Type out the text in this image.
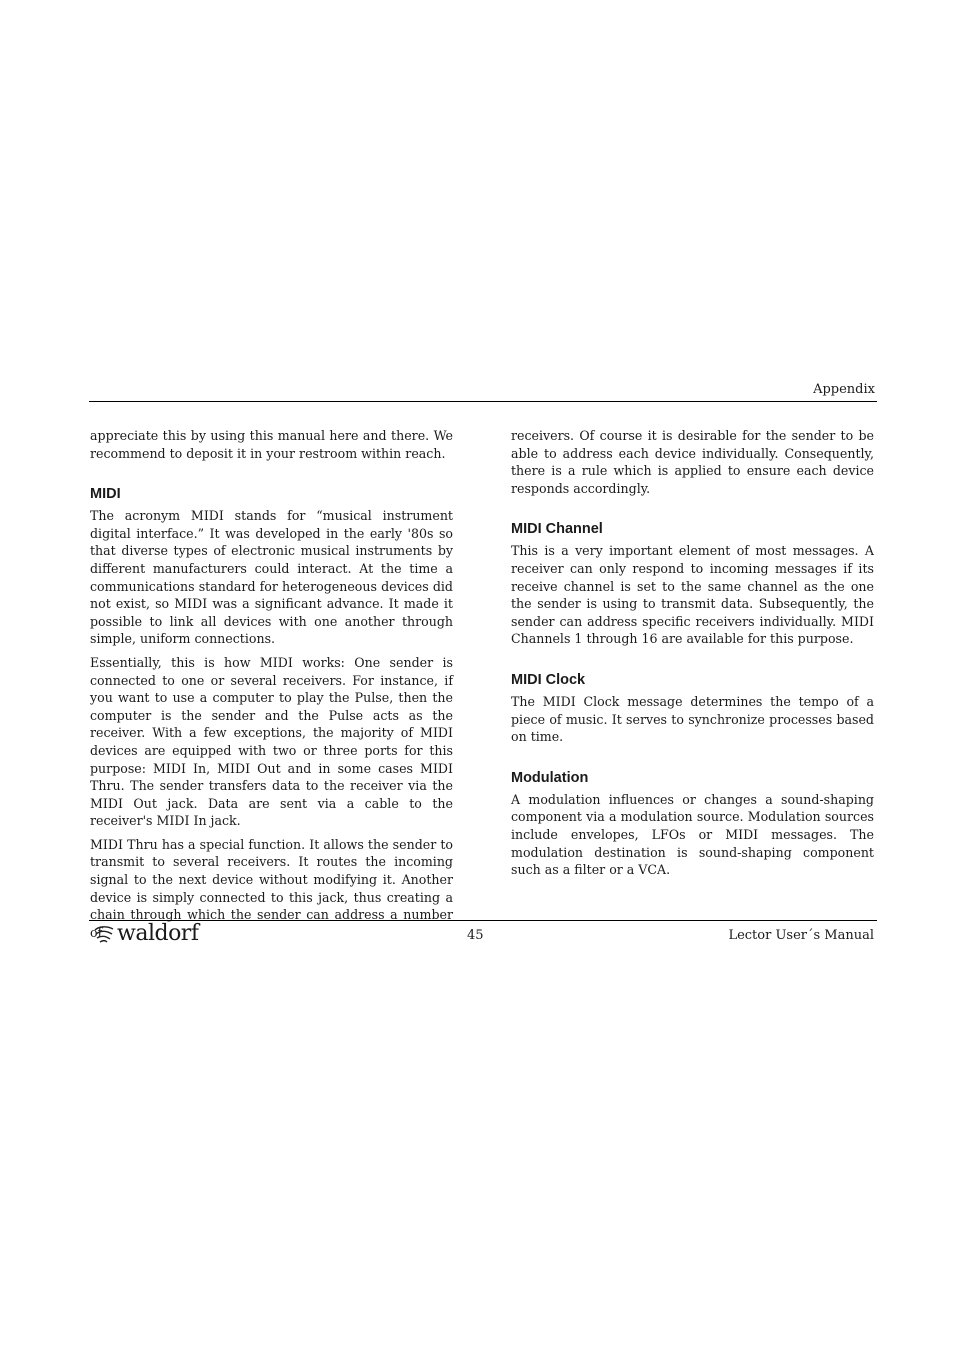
Appendix

appreciate this by using this manual here and there. We recommend to deposit it in your restroom within reach.

MIDI

The acronym MIDI stands for “musical instrument digital interface.” It was developed in the early '80s so that diverse types of electronic musical instruments by different manufacturers could interact. At the time a communications standard for heterogeneous devices did not exist, so MIDI was a significant advance. It made it possible to link all devices with one another through simple, uniform connections.

Essentially, this is how MIDI works: One sender is connected to one or several receivers. For instance, if you want to use a computer to play the Pulse, then the computer is the sender and the Pulse acts as the receiver. With a few exceptions, the majority of MIDI devices are equipped with two or three ports for this purpose: MIDI In, MIDI Out and in some cases MIDI Thru. The sender transfers data to the receiver via the MIDI Out jack. Data are sent via a cable to the receiver's MIDI In jack.

MIDI Thru has a special function. It allows the sender to transmit to several receivers. It routes the incoming signal to the next device without modifying it. Another device is simply connected to this jack, thus creating a chain through which the sender can address a number of

receivers. Of course it is desirable for the sender to be able to address each device individually. Consequently, there is a rule which is applied to ensure each device responds accordingly.

MIDI Channel

This is a very important element of most messages. A receiver can only respond to incoming messages if its receive channel is set to the same channel as the one the sender is using to transmit data. Subsequently, the sender can address specific receivers individually. MIDI Channels 1 through 16 are available for this purpose.

MIDI Clock

The MIDI Clock message determines the tempo of a piece of music. It serves to synchronize processes based on time.

Modulation

A modulation influences or changes a sound-shaping component via a modulation source. Modulation sources include envelopes, LFOs or MIDI messages. The modulation destination is sound-shaping component such as a filter or a VCA.

waldorf	45	Lector User´s Manual
